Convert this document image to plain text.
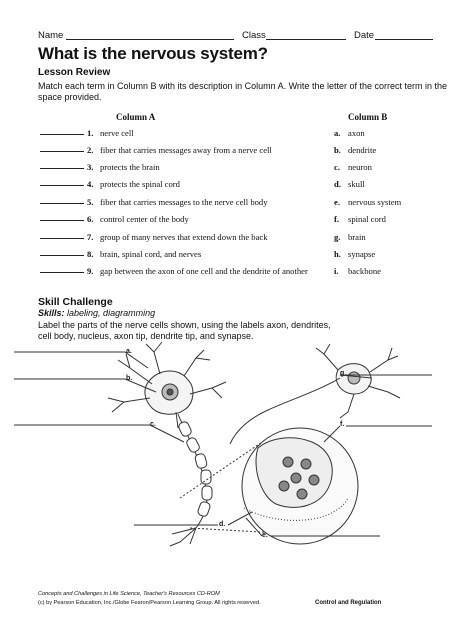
Name	Class	Date
What is the nervous system?
Lesson Review
Match each term in Column B with its description in Column A. Write the letter of the correct term in the space provided.
Column A	Column B
1. nerve cell	a. axon
2. fiber that carries messages away from a nerve cell	b. dendrite
3. protects the brain	c. neuron
4. protects the spinal cord	d. skull
5. fiber that carries messages to the nerve cell body	e. nervous system
6. control center of the body	f. spinal cord
7. group of many nerves that extend down the back	g. brain
8. brain, spinal cord, and nerves	h. synapse
9. gap between the axon of one cell and the dendrite of another	i. backbone
Skill Challenge
Skills: labeling, diagramming
Label the parts of the nerve cells shown, using the labels axon, dendrites, cell body, nucleus, axon tip, dendrite tip, and synapse.
a.
b.
c.
d.
e.
f.
g.
Concepts and Challenges in Life Science, Teacher's Resources CD-ROM
(c) by Pearson Education, Inc./Globe Fearon/Pearson Learning Group. All rights reserved.	Control and Regulation
